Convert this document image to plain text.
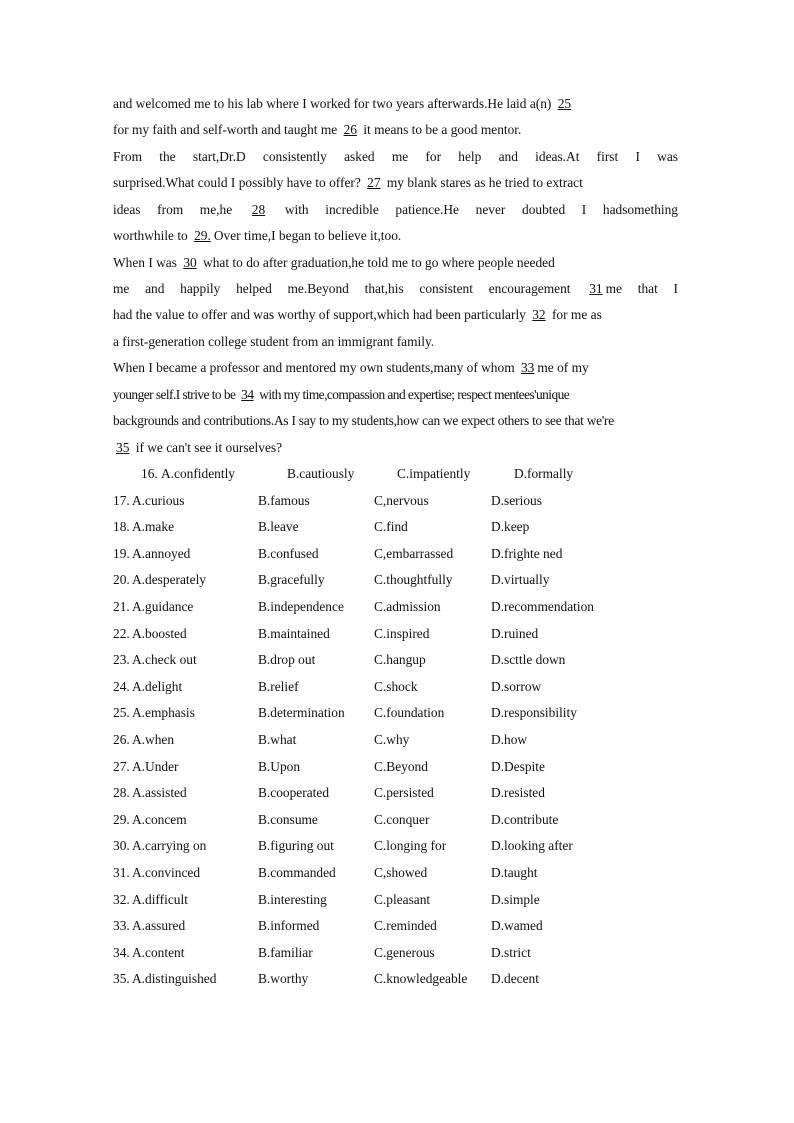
and welcomed me to his lab where I worked for two years afterwards.He laid a(n) 25
for my faith and self-worth and taught me 26 it means to be a good mentor.
From the start,Dr.D consistently asked me for help and ideas.At first I was
surprised.What could I possibly have to offer? 27 my blank stares as he tried to extract
ideas from me,he 28 with incredible patience.He never doubted I hadsomething
worthwhile to 29. Over time,I began to believe it,too.
When I was 30 what to do after graduation,he told me to go where people needed
me and happily helped me.Beyond that,his consistent encouragement 31 me that I
had the value to offer and was worthy of support,which had been particularly 32 for me as
a first-generation college student from an immigrant family.
When I became a professor and mentored my own students,many of whom 33 me of my
younger self.I strive to be 34 with my time,compassion and expertise; respect mentees'unique
backgrounds and contributions.As I say to my students,how can we expect others to see that we're
35 if we can't see it ourselves?
16. A.confidently	B.cautiously	C.impatiently	D.formally
17. A.curious	B.famous	C,nervous	D.serious
18. A.make	B.leave	C.find	D.keep
19. A.annoyed	B.confused	C,embarrassed	D.frighte ned
20. A.desperately	B.gracefully	C.thoughtfully	D.virtually
21. A.guidance	B.independence C.admission	D.recommendation
22. A.boosted	B.maintained	C.inspired	D.ruined
23. A.check out	B.drop out	C.hangup	D.scttle down
24. A.delight	B.relief	C.shock	D.sorrow
25. A.emphasis	B.determination C.foundation	D.responsibility
26. A.when	B.what	C.why	D.how
27. A.Under	B.Upon	C.Beyond	D.Despite
28. A.assisted	B.cooperated	C.persisted	D.resisted
29. A.concem	B.consume	C.conquer	D.contribute
30. A.carrying on	B.figuring out	C.longing for	D.looking after
31. A.convinced	B.commanded	C,showed	D.taught
32. A.difficult	B.interesting	C.pleasant	D.simple
33. A.assured	B.informed	C.reminded	D.wamed
34. A.content	B.familiar	C.generous	D.strict
35. A.distinguished	B.worthy	C.knowledgeable D.decent
